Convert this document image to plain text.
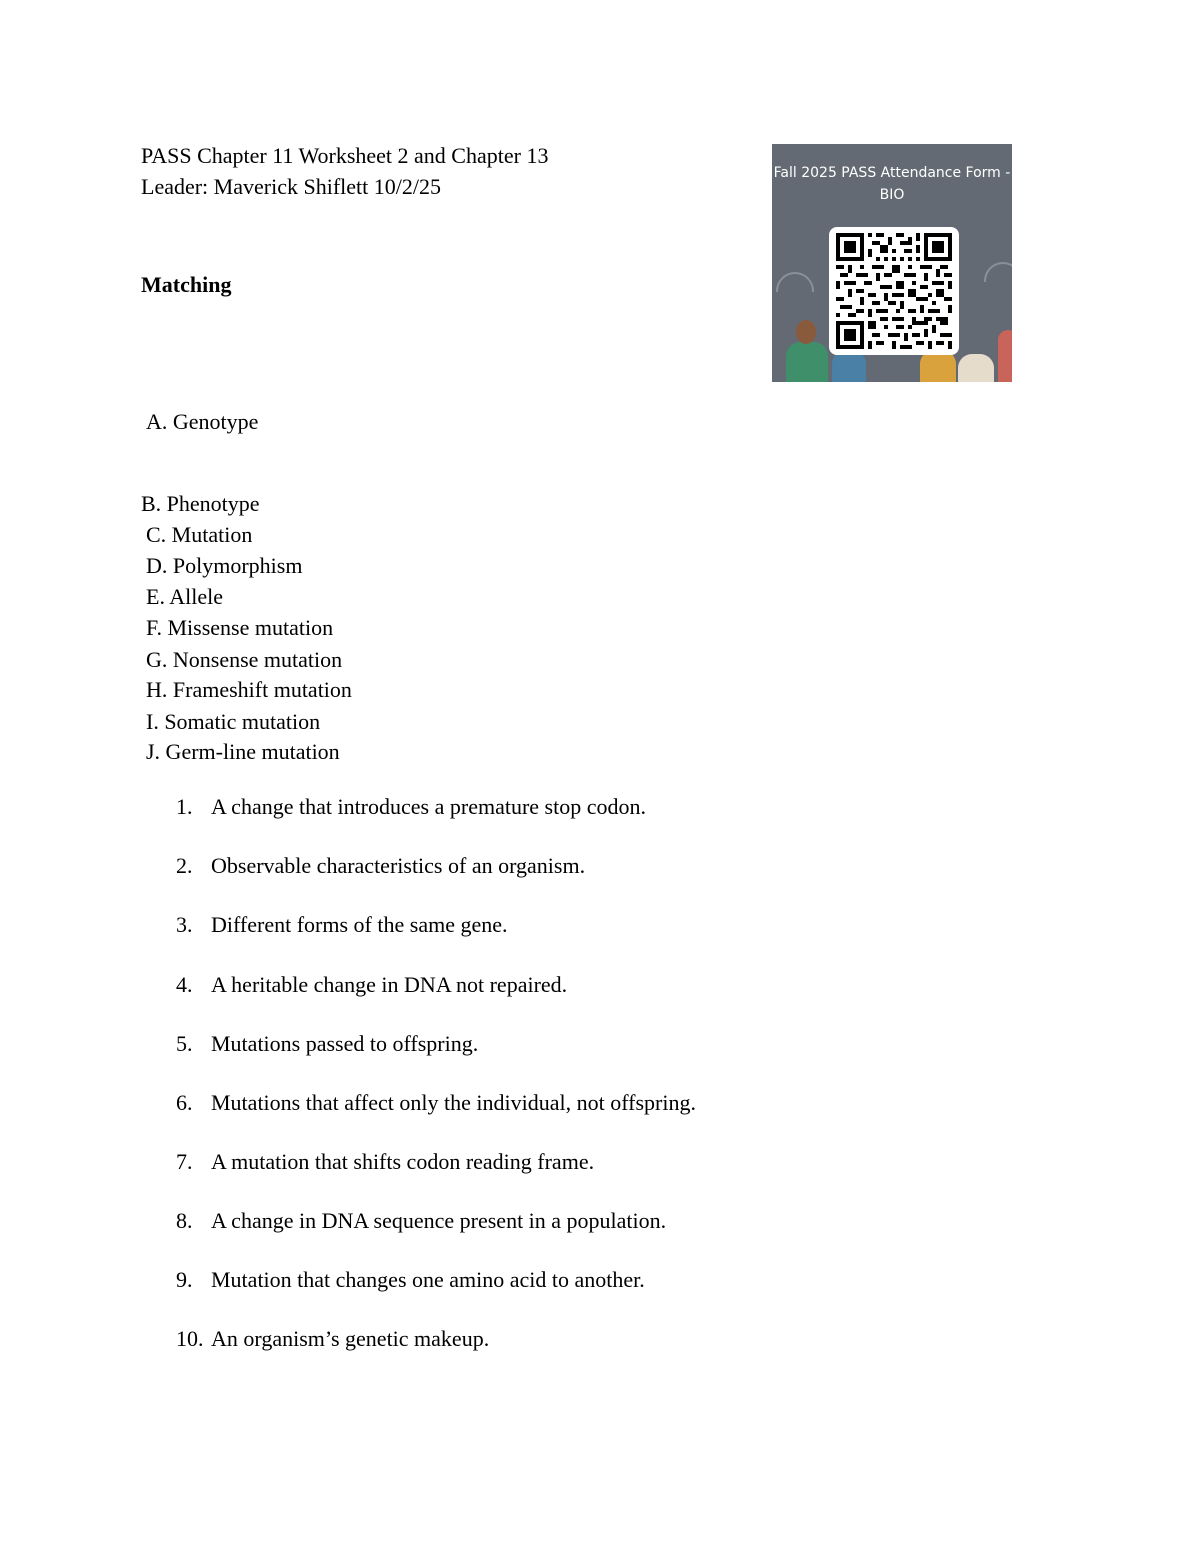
PASS Chapter 11 Worksheet 2 and Chapter 13
Leader: Maverick Shiflett 10/2/25
Matching
Fall 2025 PASS Attendance Form -
BIO
A. Genotype
B. Phenotype
C. Mutation
D. Polymorphism
E. Allele
F. Missense mutation
G. Nonsense mutation
H. Frameshift mutation
I. Somatic mutation
J. Germ-line mutation
1. A change that introduces a premature stop codon.
2. Observable characteristics of an organism.
3. Different forms of the same gene.
4. A heritable change in DNA not repaired.
5. Mutations passed to offspring.
6. Mutations that affect only the individual, not offspring.
7. A mutation that shifts codon reading frame.
8. A change in DNA sequence present in a population.
9. Mutation that changes one amino acid to another.
10. An organism’s genetic makeup.
